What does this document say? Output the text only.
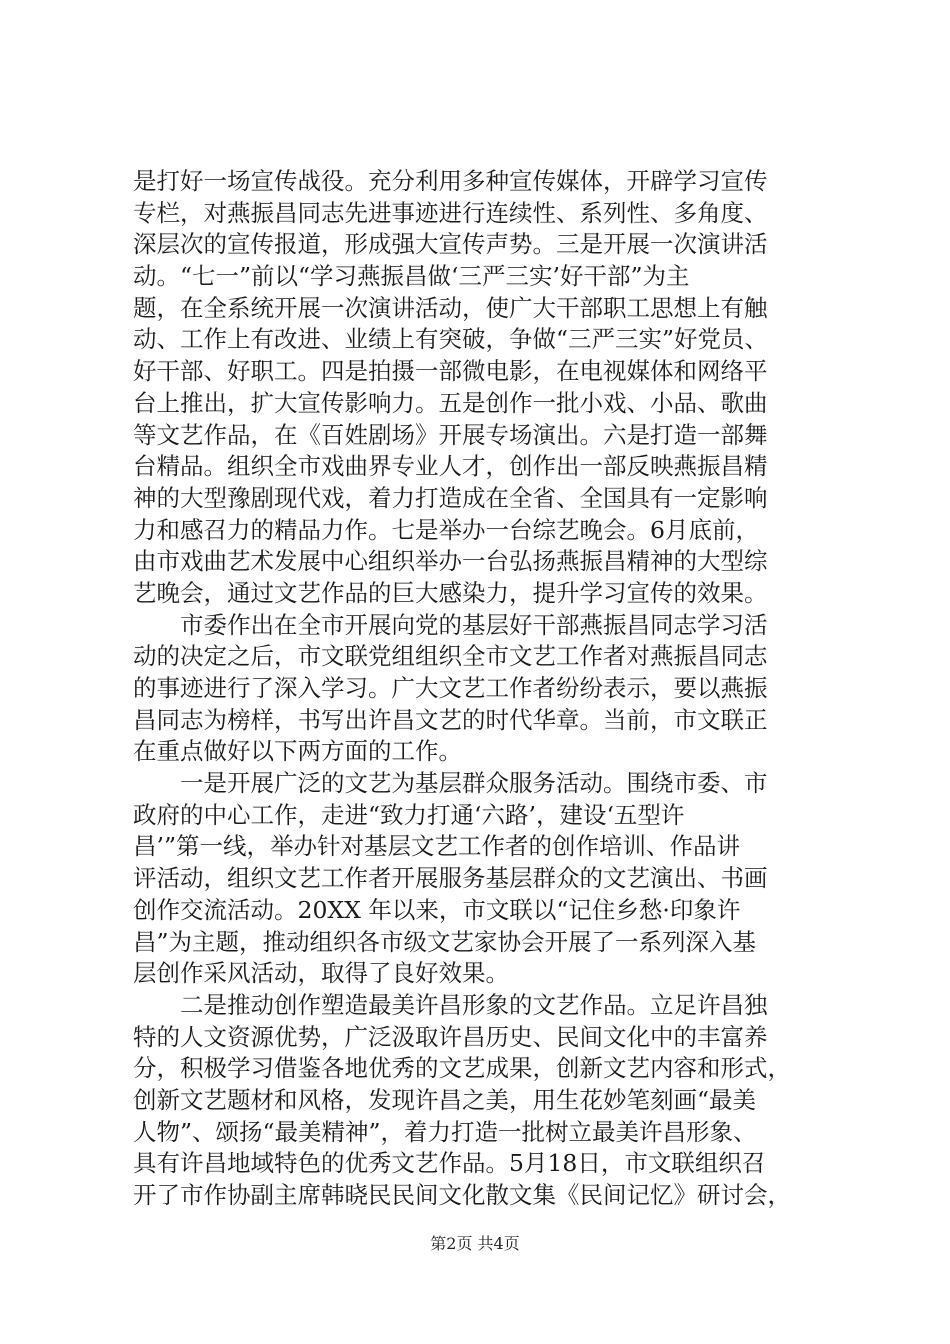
是打好一场宣传战役。充分利用多种宣传媒体，开辟学习宣传
专栏，对燕振昌同志先进事迹进行连续性、系列性、多角度、
深层次的宣传报道，形成强大宣传声势。三是开展一次演讲活
动。“七一”前以“学习燕振昌做‘三严三实’好干部”为主
题，在全系统开展一次演讲活动，使广大干部职工思想上有触
动、工作上有改进、业绩上有突破，争做“三严三实”好党员、
好干部、好职工。四是拍摄一部微电影，在电视媒体和网络平
台上推出，扩大宣传影响力。五是创作一批小戏、小品、歌曲
等文艺作品，在《百姓剧场》开展专场演出。六是打造一部舞
台精品。组织全市戏曲界专业人才，创作出一部反映燕振昌精
神的大型豫剧现代戏，着力打造成在全省、全国具有一定影响
力和感召力的精品力作。七是举办一台综艺晚会。6月底前，
由市戏曲艺术发展中心组织举办一台弘扬燕振昌精神的大型综
艺晚会，通过文艺作品的巨大感染力，提升学习宣传的效果。
　　市委作出在全市开展向党的基层好干部燕振昌同志学习活
动的决定之后，市文联党组组织全市文艺工作者对燕振昌同志
的事迹进行了深入学习。广大文艺工作者纷纷表示，要以燕振
昌同志为榜样，书写出许昌文艺的时代华章。当前，市文联正
在重点做好以下两方面的工作。
　　一是开展广泛的文艺为基层群众服务活动。围绕市委、市
政府的中心工作，走进“致力打通‘六路’，建设‘五型许
昌’”第一线，举办针对基层文艺工作者的创作培训、作品讲
评活动，组织文艺工作者开展服务基层群众的文艺演出、书画
创作交流活动。20XX 年以来，市文联以“记住乡愁·印象许
昌”为主题，推动组织各市级文艺家协会开展了一系列深入基
层创作采风活动，取得了良好效果。
　　二是推动创作塑造最美许昌形象的文艺作品。立足许昌独
特的人文资源优势，广泛汲取许昌历史、民间文化中的丰富养
分，积极学习借鉴各地优秀的文艺成果，创新文艺内容和形式，
创新文艺题材和风格，发现许昌之美，用生花妙笔刻画“最美
人物”、颂扬“最美精神”，着力打造一批树立最美许昌形象、
具有许昌地域特色的优秀文艺作品。5月18日，市文联组织召
开了市作协副主席韩晓民民间文化散文集《民间记忆》研讨会，
第2页 共4页
